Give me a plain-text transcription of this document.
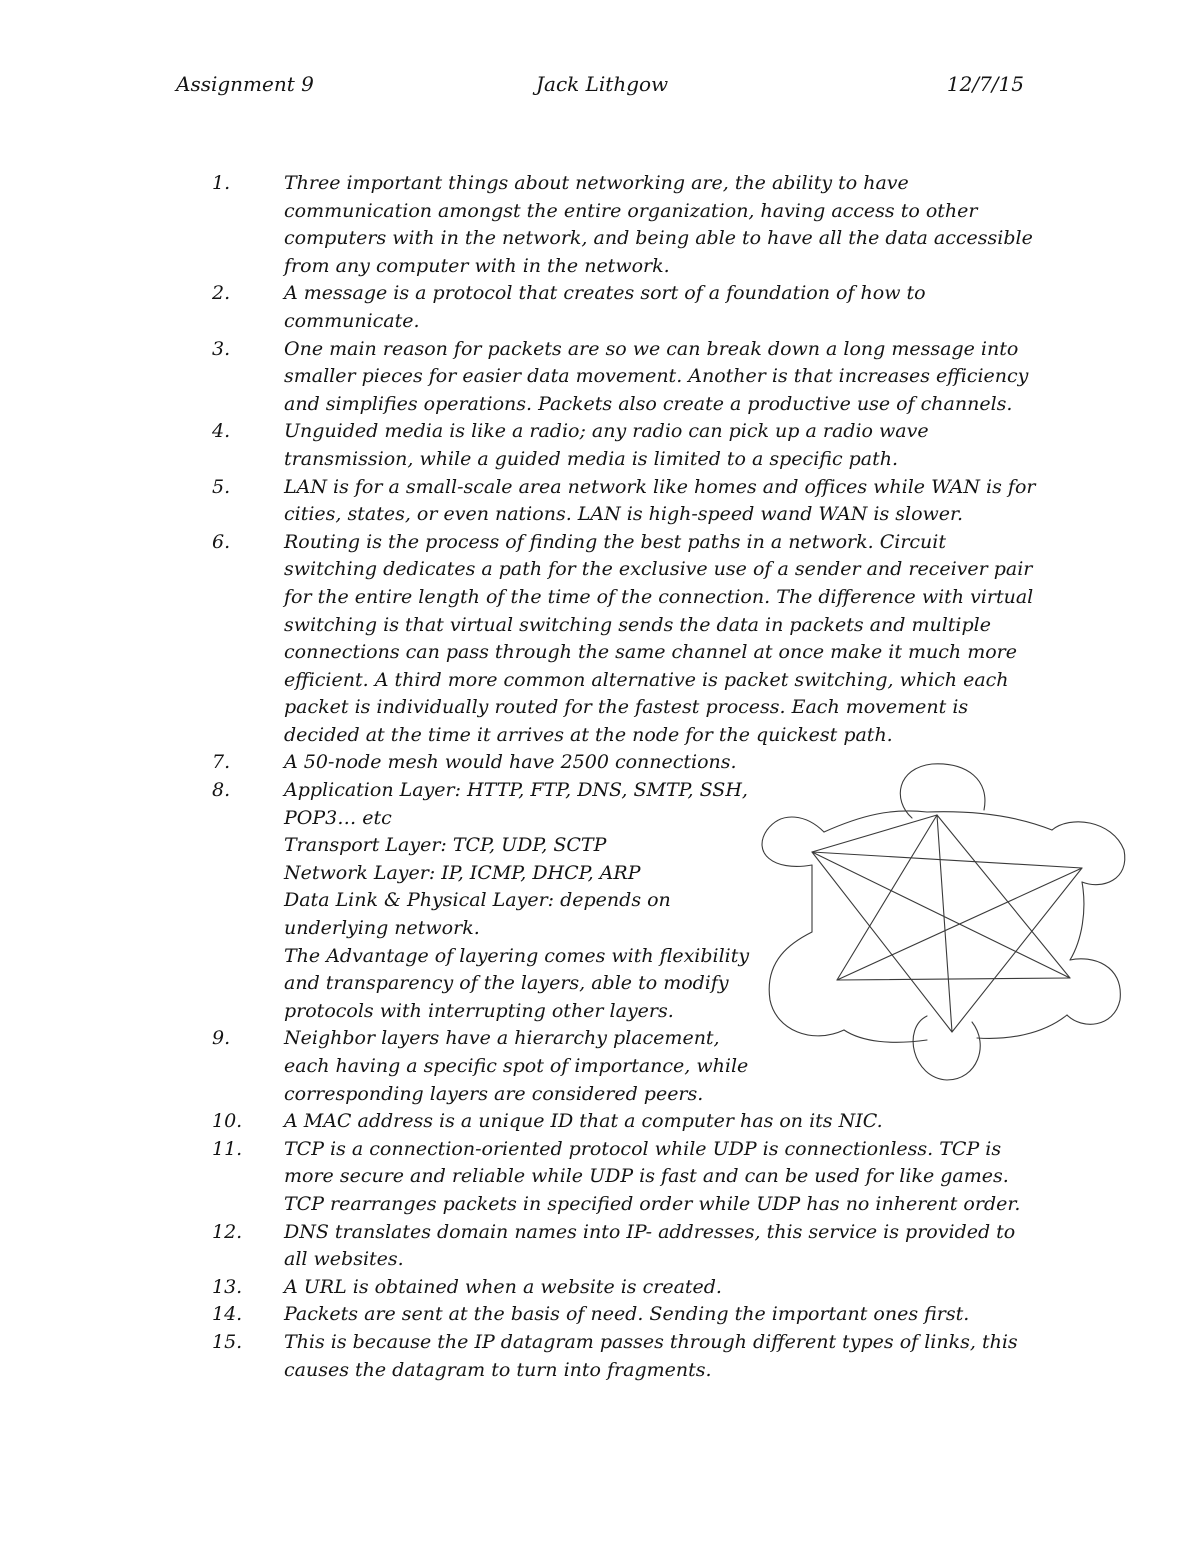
Assignment 9	Jack Lithgow	12/7/15
1.	Three important things about networking are, the ability to have communication amongst the entire organization, having access to other computers with in the network, and being able to have all the data accessible from any computer with in the network.
2.	A message is a protocol that creates sort of a foundation of how to communicate.
3.	One main reason for packets are so we can break down a long message into smaller pieces for easier data movement. Another is that increases efficiency and simplifies operations. Packets also create a productive use of channels.
4.	Unguided media is like a radio; any radio can pick up a radio wave transmission, while a guided media is limited to a specific path.
5.	LAN is for a small-scale area network like homes and offices while WAN is for cities, states, or even nations. LAN is high-speed wand WAN is slower.
6.	Routing is the process of finding the best paths in a network. Circuit switching dedicates a path for the exclusive use of a sender and receiver pair for the entire length of the time of the connection. The difference with virtual switching is that virtual switching sends the data in packets and multiple connections can pass through the same channel at once make it much more efficient. A third more common alternative is packet switching, which each packet is individually routed for the fastest process. Each movement is decided at the time it arrives at the node for the quickest path.
7.	A 50-node mesh would have 2500 connections.
8.	Application Layer: HTTP, FTP, DNS, SMTP, SSH, POP3… etc
Transport Layer: TCP, UDP, SCTP
Network Layer: IP, ICMP, DHCP, ARP
Data Link & Physical Layer: depends on underlying network.
The Advantage of layering comes with flexibility and transparency of the layers, able to modify protocols with interrupting other layers.
9.	Neighbor layers have a hierarchy placement, each having a specific spot of importance, while corresponding layers are considered peers.
10. A MAC address is a unique ID that a computer has on its NIC.
11. TCP is a connection-oriented protocol while UDP is connectionless. TCP is more secure and reliable while UDP is fast and can be used for like games. TCP rearranges packets in specified order while UDP has no inherent order.
12. DNS translates domain names into IP- addresses, this service is provided to all websites.
13. A URL is obtained when a website is created.
14. Packets are sent at the basis of need. Sending the important ones first.
15. This is because the IP datagram passes through different types of links, this causes the datagram to turn into fragments.
